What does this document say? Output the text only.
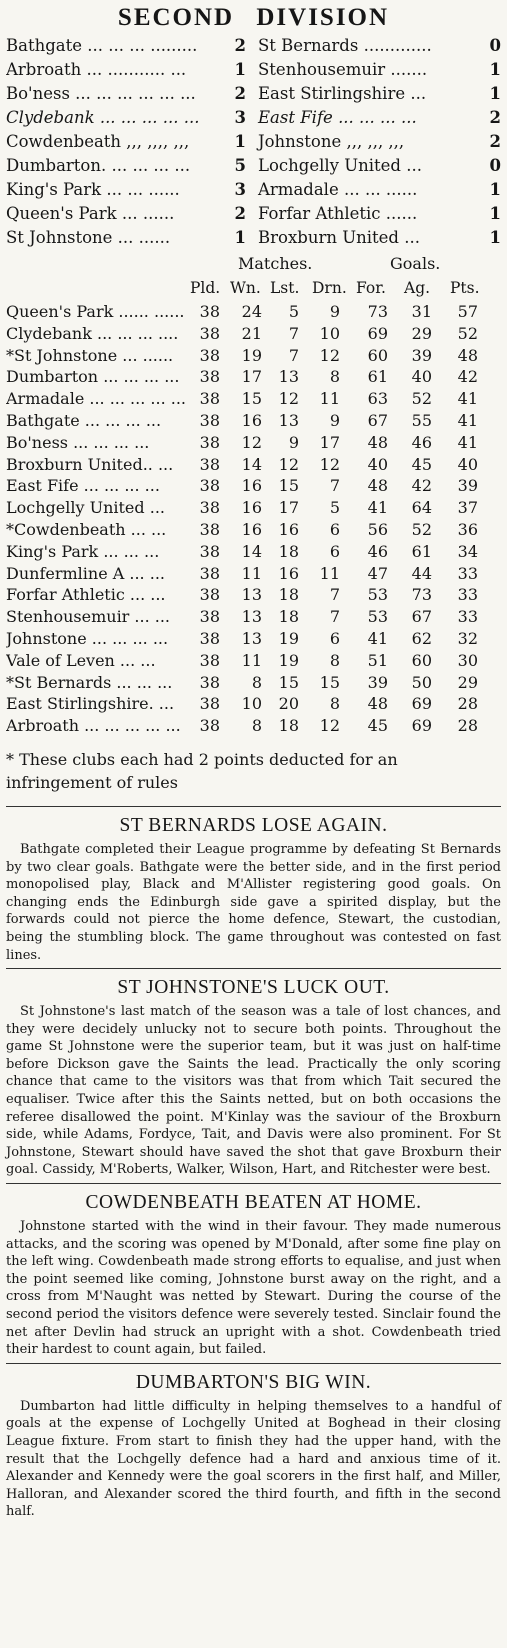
SECOND DIVISION
Bathgate ... ... ... .........	2 St Bernards .............	0
Arbroath ... ........... ...	1 Stenhousemuir .......	1
Bo'ness ... ... ... ... ... ...	2 East Stirlingshire ...	1
Clydebank ... ... ... ... ...	3 East Fife ... ... ... ...	2
Cowdenbeath ,,, ,,,, ,,,	1 Johnstone ,,, ,,, ,,,	2
Dumbarton. ... ... ... ...	5 Lochgelly United ...	0
King's Park ... ... ......	3 Armadale ... ... ......	1
Queen's Park ... ......	2 Forfar Athletic ......	1
St Johnstone ... ......	1 Broxburn United ...	1
Matches.	Goals.
Pld. Wn. Lst. Drn. For. Ag. Pts.
Queen's Park ...... ...... 38	24	5	9	73	31	57
Clydebank ... ... ... ....	38	21	7	10	69	29	52
*St Johnstone ... ......	38	19	7	12	60	39	48
Dumbarton ... ... ... ...	38	17	13	8	61	40	42
Armadale ... ... ... ... ... 38	15	12	11	63	52	41
Bathgate ... ... ... ...	38	16	13	9	67	55	41
Bo'ness ... ... ... ...	38	12	9	17	48	46	41
Broxburn United.. ...	38	14	12	12	40	45	40
East Fife ... ... ... ...	38	16	15	7	48	42	39
Lochgelly United ...	38	16	17	5	41	64	37
*Cowdenbeath ... ...	38	16	16	6	56	52	36
King's Park ... ... ...	38	14	18	6	46	61	34
Dunfermline A ... ...	38	11	16	11	47	44	33
Forfar Athletic ... ...	38	13	18	7	53	73	33
Stenhousemuir ... ...	38	13	18	7	53	67	33
Johnstone ... ... ... ...	38	13	19	6	41	62	32
Vale of Leven ... ...	38	11	19	8	51	60	30
*St Bernards ... ... ...	38	8	15	15	39	50	29
East Stirlingshire. ...	38	10	20	8	48	69	28
Arbroath ... ... ... ... ...	38	8	18	12	45	69	28
* These clubs each had 2 points deducted for an infringement of rules
ST BERNARDS LOSE AGAIN.

Bathgate completed their League programme by defeating St Bernards by two clear goals. Bathgate were the better side, and in the first period monopolised play, Black and M'Allister registering good goals. On changing ends the Edinburgh side gave a spirited display, but the forwards could not pierce the home defence, Stewart, the custodian, being the stumbling block. The game throughout was contested on fast lines.

ST JOHNSTONE'S LUCK OUT.

St Johnstone's last match of the season was a tale of lost chances, and they were decidely unlucky not to secure both points. Throughout the game St Johnstone were the superior team, but it was just on half-time before Dickson gave the Saints the lead. Practically the only scoring chance that came to the visitors was that from which Tait secured the equaliser. Twice after this the Saints netted, but on both occasions the referee disallowed the point. M'Kinlay was the saviour of the Broxburn side, while Adams, Fordyce, Tait, and Davis were also prominent. For St Johnstone, Stewart should have saved the shot that gave Broxburn their goal. Cassidy, M'Roberts, Walker, Wilson, Hart, and Ritchester were best.

COWDENBEATH BEATEN AT HOME.

Johnstone started with the wind in their favour. They made numerous attacks, and the scoring was opened by M'Donald, after some fine play on the left wing. Cowdenbeath made strong efforts to equalise, and just when the point seemed like coming, Johnstone burst away on the right, and a cross from M'Naught was netted by Stewart. During the course of the second period the visitors defence were severely tested. Sinclair found the net after Devlin had struck an upright with a shot. Cowdenbeath tried their hardest to count again, but failed.

DUMBARTON'S BIG WIN.

Dumbarton had little difficulty in helping themselves to a handful of goals at the expense of Lochgelly United at Boghead in their closing League fixture. From start to finish they had the upper hand, with the result that the Lochgelly defence had a hard and anxious time of it. Alexander and Kennedy were the goal scorers in the first half, and Miller, Halloran, and Alexander scored the third fourth, and fifth in the second half.
